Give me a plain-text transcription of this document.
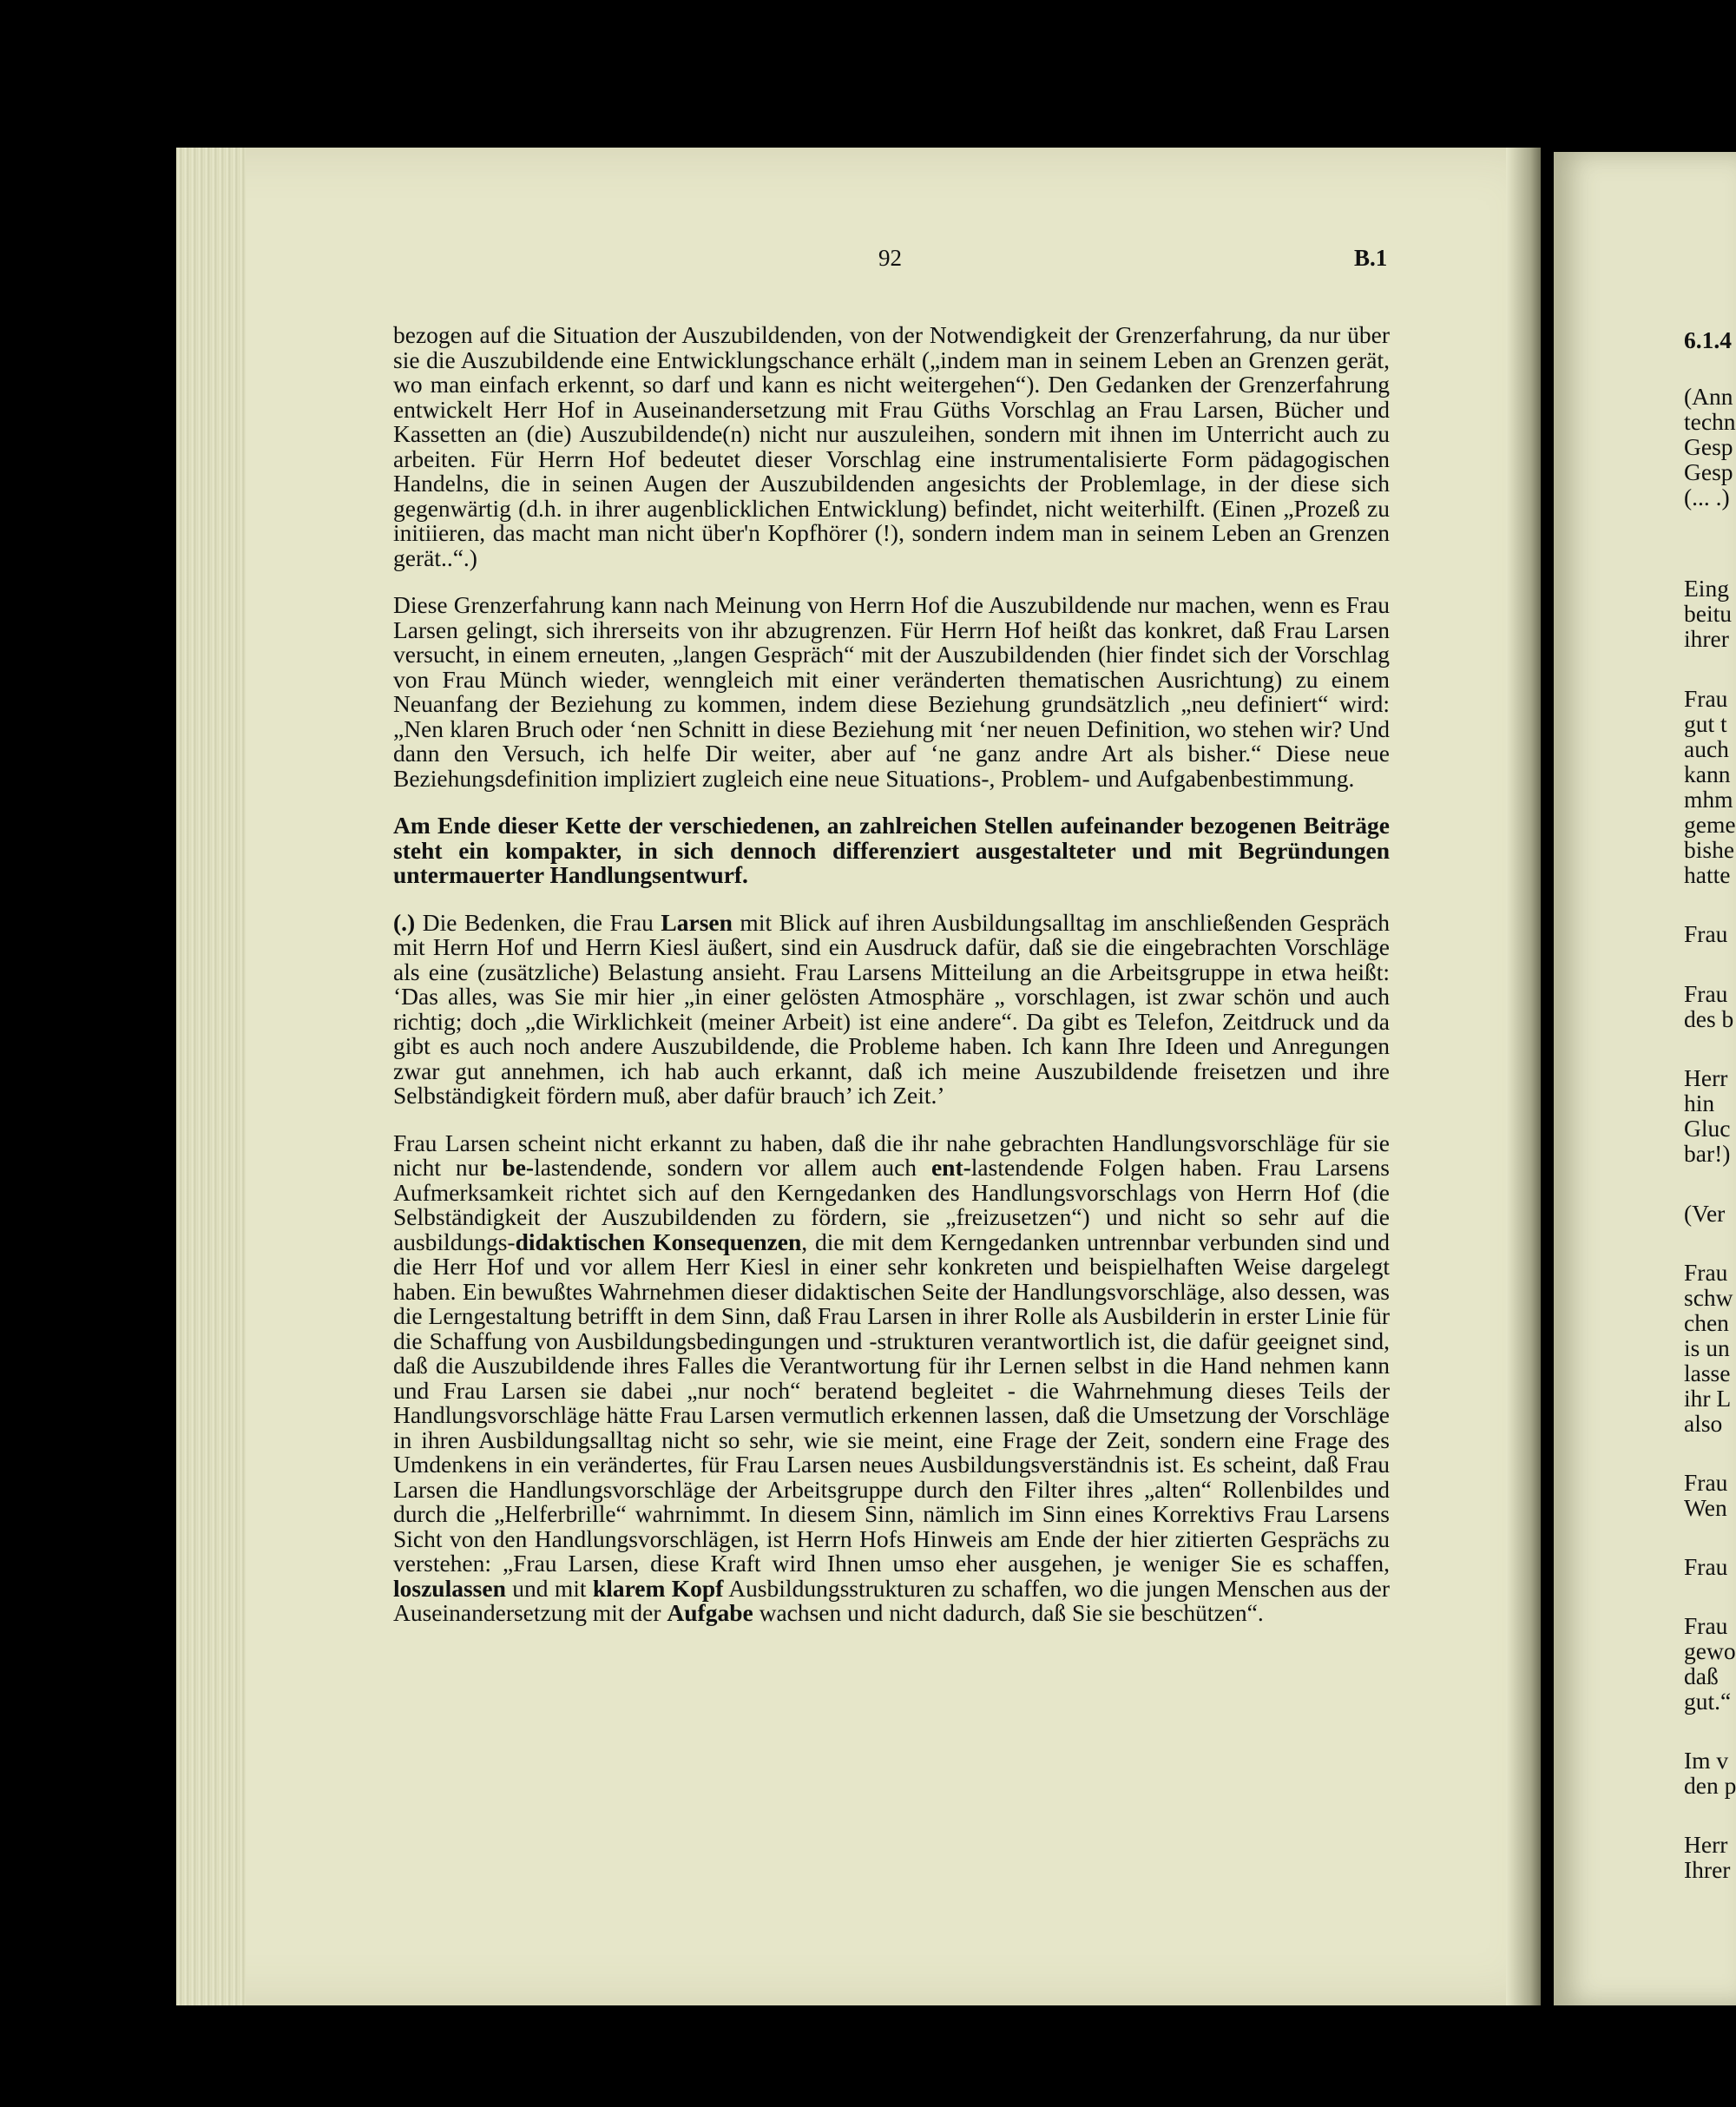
92	B.1

bezogen auf die Situation der Auszubildenden, von der Notwendigkeit der Grenzerfahrung, da nur über sie die Auszubildende eine Entwicklungschance erhält („indem man in seinem Leben an Grenzen gerät, wo man einfach erkennt, so darf und kann es nicht weitergehen“). Den Gedanken der Grenzerfahrung entwickelt Herr Hof in Auseinandersetzung mit Frau Güths Vorschlag an Frau Larsen, Bücher und Kassetten an (die) Auszubildende(n) nicht nur auszuleihen, sondern mit ihnen im Unterricht auch zu arbeiten. Für Herrn Hof bedeutet dieser Vorschlag eine instrumentalisierte Form pädagogischen Handelns, die in seinen Augen der Auszubildenden angesichts der Problemlage, in der diese sich gegenwärtig (d.h. in ihrer augenblicklichen Entwicklung) befindet, nicht weiterhilft. (Einen „Prozeß zu initiieren, das macht man nicht über'n Kopfhörer (!), sondern indem man in seinem Leben an Grenzen gerät..“.)

Diese Grenzerfahrung kann nach Meinung von Herrn Hof die Auszubildende nur machen, wenn es Frau Larsen gelingt, sich ihrerseits von ihr abzugrenzen. Für Herrn Hof heißt das konkret, daß Frau Larsen versucht, in einem erneuten, „langen Gespräch“ mit der Auszubildenden (hier findet sich der Vorschlag von Frau Münch wieder, wenngleich mit einer veränderten thematischen Ausrichtung) zu einem Neuanfang der Beziehung zu kommen, indem diese Beziehung grundsätzlich „neu definiert“ wird: „Nen klaren Bruch oder ‘nen Schnitt in diese Beziehung mit ‘ner neuen Definition, wo stehen wir? Und dann den Versuch, ich helfe Dir weiter, aber auf ‘ne ganz andre Art als bisher.“ Diese neue Beziehungsdefinition impliziert zugleich eine neue Situations-, Problem- und Aufgabenbestimmung.

Am Ende dieser Kette der verschiedenen, an zahlreichen Stellen aufeinander bezogenen Beiträge steht ein kompakter, in sich dennoch differenziert ausgestalteter und mit Begründungen untermauerter Handlungsentwurf.

(.) Die Bedenken, die Frau Larsen mit Blick auf ihren Ausbildungsalltag im anschließenden Gespräch mit Herrn Hof und Herrn Kiesl äußert, sind ein Ausdruck dafür, daß sie die eingebrachten Vorschläge als eine (zusätzliche) Belastung ansieht. Frau Larsens Mitteilung an die Arbeitsgruppe in etwa heißt: ‘Das alles, was Sie mir hier „in einer gelösten Atmosphäre „ vorschlagen, ist zwar schön und auch richtig; doch „die Wirklichkeit (meiner Arbeit) ist eine andere“. Da gibt es Telefon, Zeitdruck und da gibt es auch noch andere Auszubildende, die Probleme haben. Ich kann Ihre Ideen und Anregungen zwar gut annehmen, ich hab auch erkannt, daß ich meine Auszubildende freisetzen und ihre Selbständigkeit fördern muß, aber dafür brauch’ ich Zeit.’

Frau Larsen scheint nicht erkannt zu haben, daß die ihr nahe gebrachten Handlungsvorschläge für sie nicht nur be-lastendende, sondern vor allem auch ent-lastendende Folgen haben. Frau Larsens Aufmerksamkeit richtet sich auf den Kerngedanken des Handlungsvorschlags von Herrn Hof (die Selbständigkeit der Auszubildenden zu fördern, sie „freizusetzen“) und nicht so sehr auf die ausbildungs-didaktischen Konsequenzen, die mit dem Kerngedanken untrennbar verbunden sind und die Herr Hof und vor allem Herr Kiesl in einer sehr konkreten und beispielhaften Weise dargelegt haben. Ein bewußtes Wahrnehmen dieser didaktischen Seite der Handlungsvorschläge, also dessen, was die Lerngestaltung betrifft in dem Sinn, daß Frau Larsen in ihrer Rolle als Ausbilderin in erster Linie für die Schaffung von Ausbildungsbedingungen und -strukturen verantwortlich ist, die dafür geeignet sind, daß die Auszubildende ihres Falles die Verantwortung für ihr Lernen selbst in die Hand nehmen kann und Frau Larsen sie dabei „nur noch“ beratend begleitet - die Wahrnehmung dieses Teils der Handlungsvorschläge hätte Frau Larsen vermutlich erkennen lassen, daß die Umsetzung der Vorschläge in ihren Ausbildungsalltag nicht so sehr, wie sie meint, eine Frage der Zeit, sondern eine Frage des Umdenkens in ein verändertes, für Frau Larsen neues Ausbildungsverständnis ist. Es scheint, daß Frau Larsen die Handlungsvorschläge der Arbeitsgruppe durch den Filter ihres „alten“ Rollenbildes und durch die „Helferbrille“ wahrnimmt. In diesem Sinn, nämlich im Sinn eines Korrektivs Frau Larsens Sicht von den Handlungsvorschlägen, ist Herrn Hofs Hinweis am Ende der hier zitierten Gesprächs zu verstehen: „Frau Larsen, diese Kraft wird Ihnen umso eher ausgehen, je weniger Sie es schaffen, loszulassen und mit klarem Kopf Ausbildungsstrukturen zu schaffen, wo die jungen Menschen aus der Auseinandersetzung mit der Aufgabe wachsen und nicht dadurch, daß Sie sie beschützen“.

6.1.4
(Ann
techn
Gesp
Gesp
(... .)
Eing
beitu
ihrer
Frau
gut t
auch
kann
mhm
geme
bishe
hatte
Frau
Frau
des b
Herr
hin
Gluc
bar!)
(Ver
Frau
schw
chen
is un
lasse
ihr L
also
Frau
Wen
Frau
Frau
gewo
daß
gut.“
Im v
den p
Herr
Ihrer
